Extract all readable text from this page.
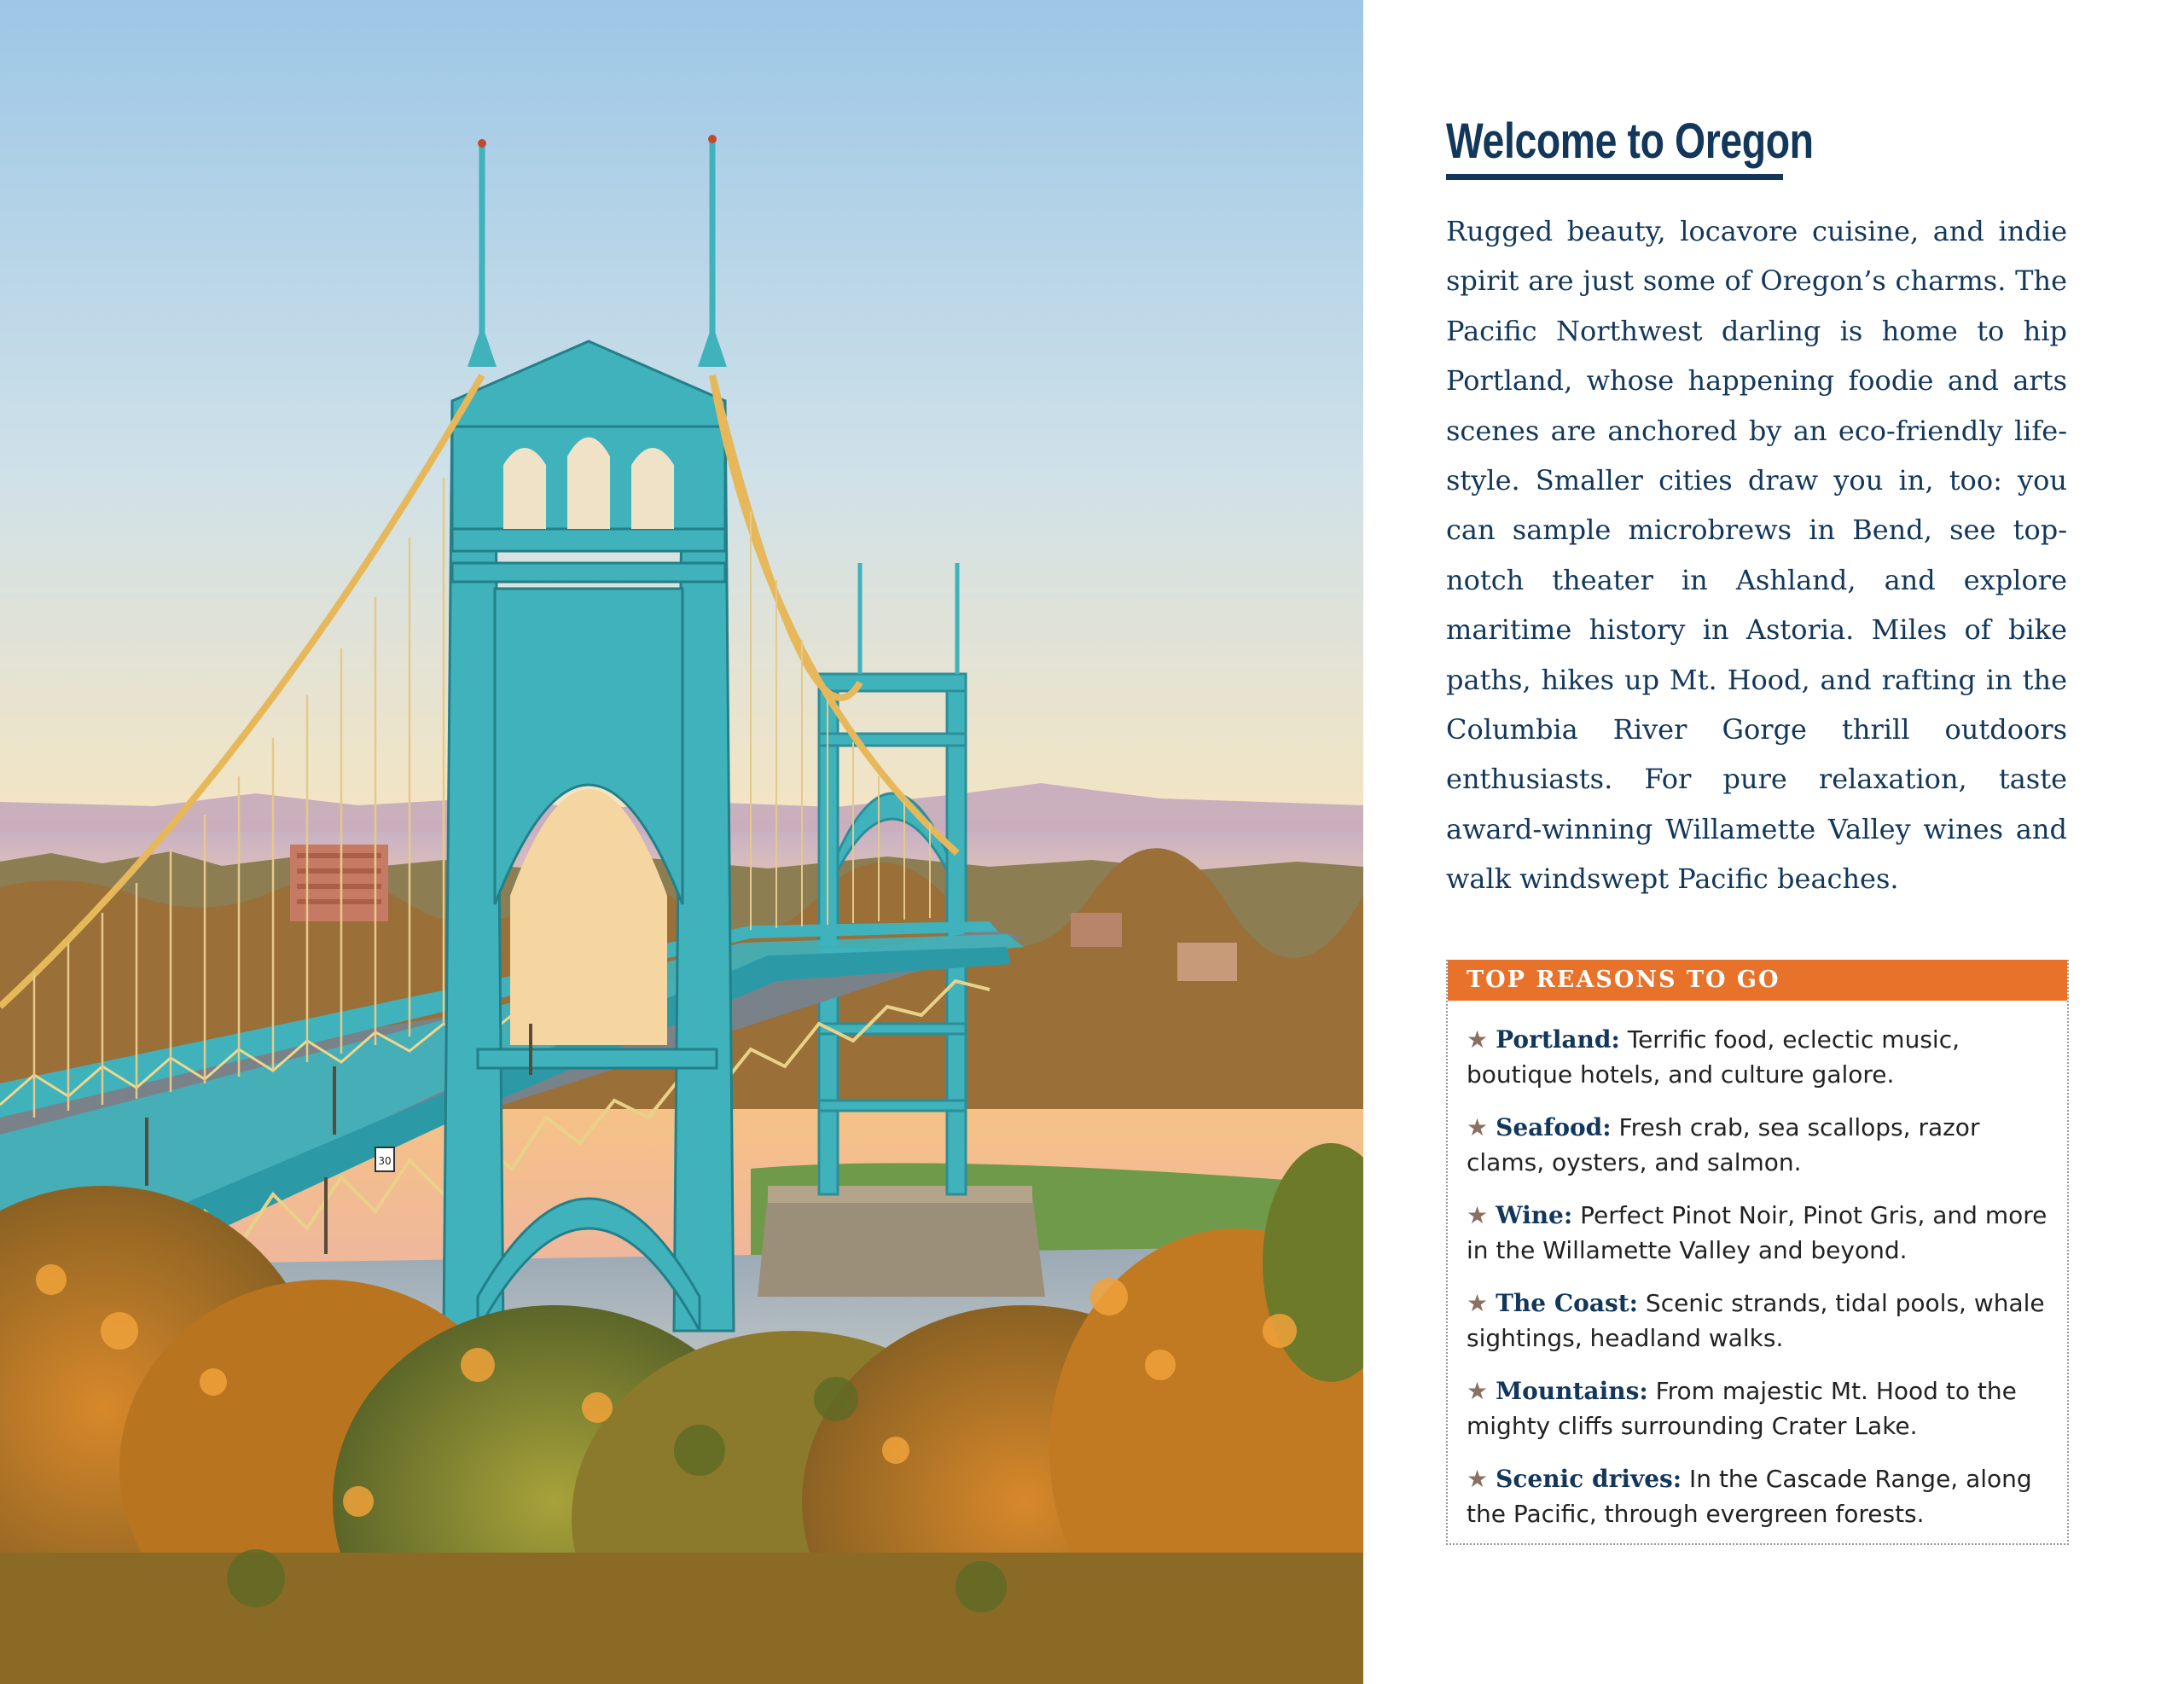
30
Welcome to Oregon

Rugged beauty, locavore cuisine, and indie spirit are just some of Oregon’s charms. The Pacific Northwest darling is home to hip Portland, whose happening foodie and arts scenes are anchored by an eco-friendly life-style. Smaller cities draw you in, too: you can sample microbrews in Bend, see top-notch theater in Ashland, and explore maritime history in Astoria. Miles of bike paths, hikes up Mt. Hood, and rafting in the Columbia River Gorge thrill outdoors enthusiasts. For pure relaxation, taste award-winning Willamette Valley wines and walk windswept Pacific beaches.

TOP REASONS TO GO
★ Portland: Terrific food, eclectic music, boutique hotels, and culture galore.
★ Seafood: Fresh crab, sea scallops, razor clams, oysters, and salmon.
★ Wine: Perfect Pinot Noir, Pinot Gris, and more in the Willamette Valley and beyond.
★ The Coast: Scenic strands, tidal pools, whale sightings, headland walks.
★ Mountains: From majestic Mt. Hood to the mighty cliffs surrounding Crater Lake.
★ Scenic drives: In the Cascade Range, along the Pacific, through evergreen forests.
